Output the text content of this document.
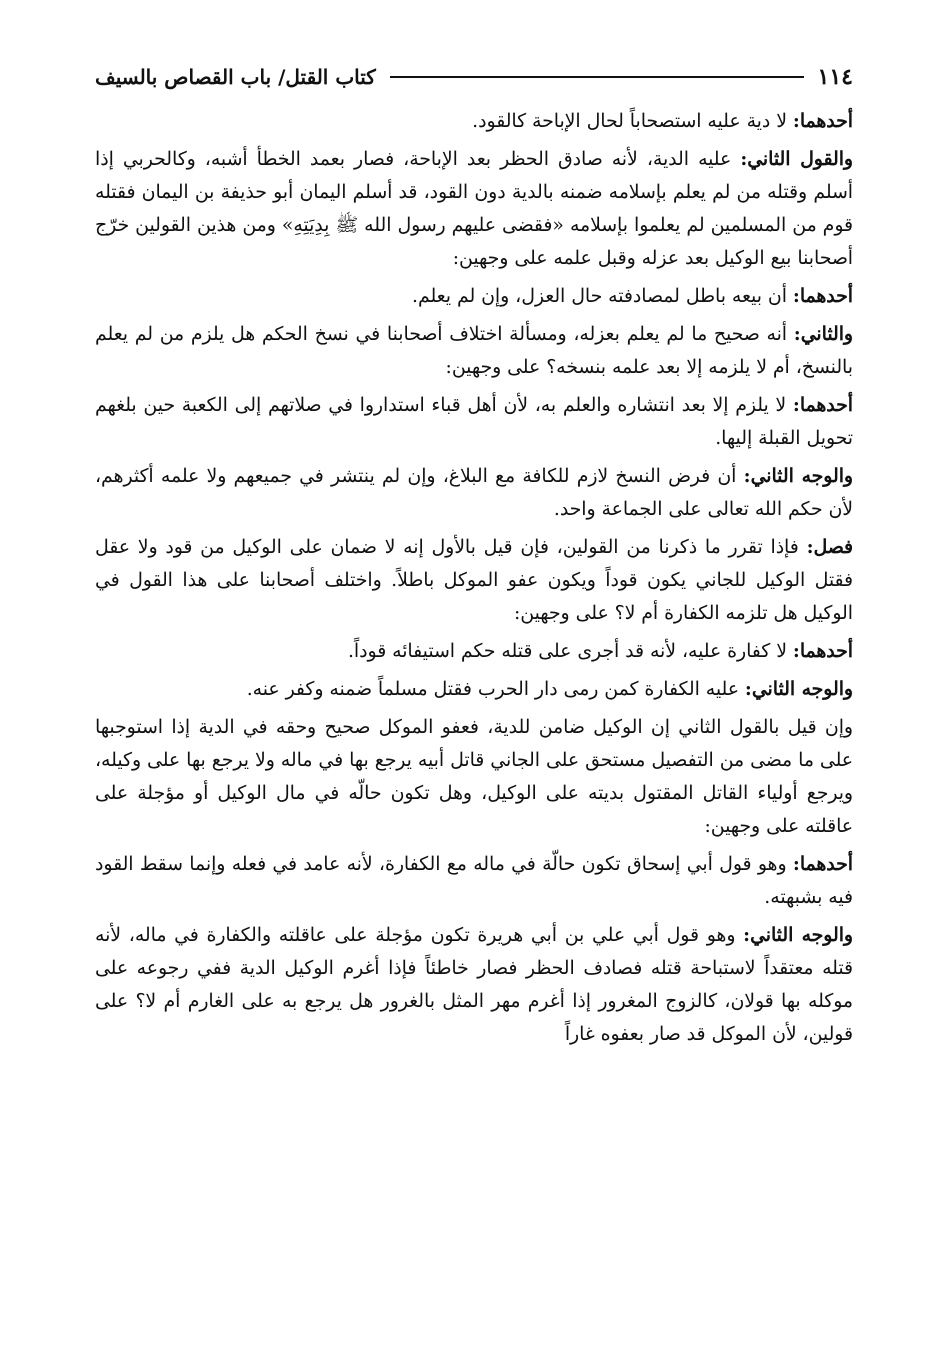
١١٤
كتاب القتل/ باب القصاص بالسيف

أحدهما: لا دية عليه استصحاباً لحال الإباحة كالقود.

والقول الثاني: عليه الدية، لأنه صادق الحظر بعد الإباحة، فصار بعمد الخطأ أشبه، وكالحربي إذا أسلم وقتله من لم يعلم بإسلامه ضمنه بالدية دون القود، قد أسلم اليمان أبو حذيفة بن اليمان فقتله قوم من المسلمين لم يعلموا بإسلامه «فقضى عليهم رسول الله ﷺ بِدِيَتِهِ» ومن هذين القولين خرّج أصحابنا بيع الوكيل بعد عزله وقبل علمه على وجهين:

أحدهما: أن بيعه باطل لمصادفته حال العزل، وإن لم يعلم.

والثاني: أنه صحيح ما لم يعلم بعزله، ومسألة اختلاف أصحابنا في نسخ الحكم هل يلزم من لم يعلم بالنسخ، أم لا يلزمه إلا بعد علمه بنسخه؟ على وجهين:

أحدهما: لا يلزم إلا بعد انتشاره والعلم به، لأن أهل قباء استداروا في صلاتهم إلى الكعبة حين بلغهم تحويل القبلة إليها.

والوجه الثاني: أن فرض النسخ لازم للكافة مع البلاغ، وإن لم ينتشر في جميعهم ولا علمه أكثرهم، لأن حكم الله تعالى على الجماعة واحد.

فصل: فإذا تقرر ما ذكرنا من القولين، فإن قيل بالأول إنه لا ضمان على الوكيل من قود ولا عقل فقتل الوكيل للجاني يكون قوداً ويكون عفو الموكل باطلاً. واختلف أصحابنا على هذا القول في الوكيل هل تلزمه الكفارة أم لا؟ على وجهين:

أحدهما: لا كفارة عليه، لأنه قد أجرى على قتله حكم استيفائه قوداً.

والوجه الثاني: عليه الكفارة كمن رمى دار الحرب فقتل مسلماً ضمنه وكفر عنه.

وإن قيل بالقول الثاني إن الوكيل ضامن للدية، فعفو الموكل صحيح وحقه في الدية إذا استوجبها على ما مضى من التفصيل مستحق على الجاني قاتل أبيه يرجع بها في ماله ولا يرجع بها على وكيله، ويرجع أولياء القاتل المقتول بديته على الوكيل، وهل تكون حالّه في مال الوكيل أو مؤجلة على عاقلته على وجهين:

أحدهما: وهو قول أبي إسحاق تكون حالّة في ماله مع الكفارة، لأنه عامد في فعله وإنما سقط القود فيه بشبهته.

والوجه الثاني: وهو قول أبي علي بن أبي هريرة تكون مؤجلة على عاقلته والكفارة في ماله، لأنه قتله معتقداً لاستباحة قتله فصادف الحظر فصار خاطئاً فإذا أغرم الوكيل الدية ففي رجوعه على موكله بها قولان، كالزوج المغرور إذا أغرم مهر المثل بالغرور هل يرجع به على الغارم أم لا؟ على قولين، لأن الموكل قد صار بعفوه غاراً
